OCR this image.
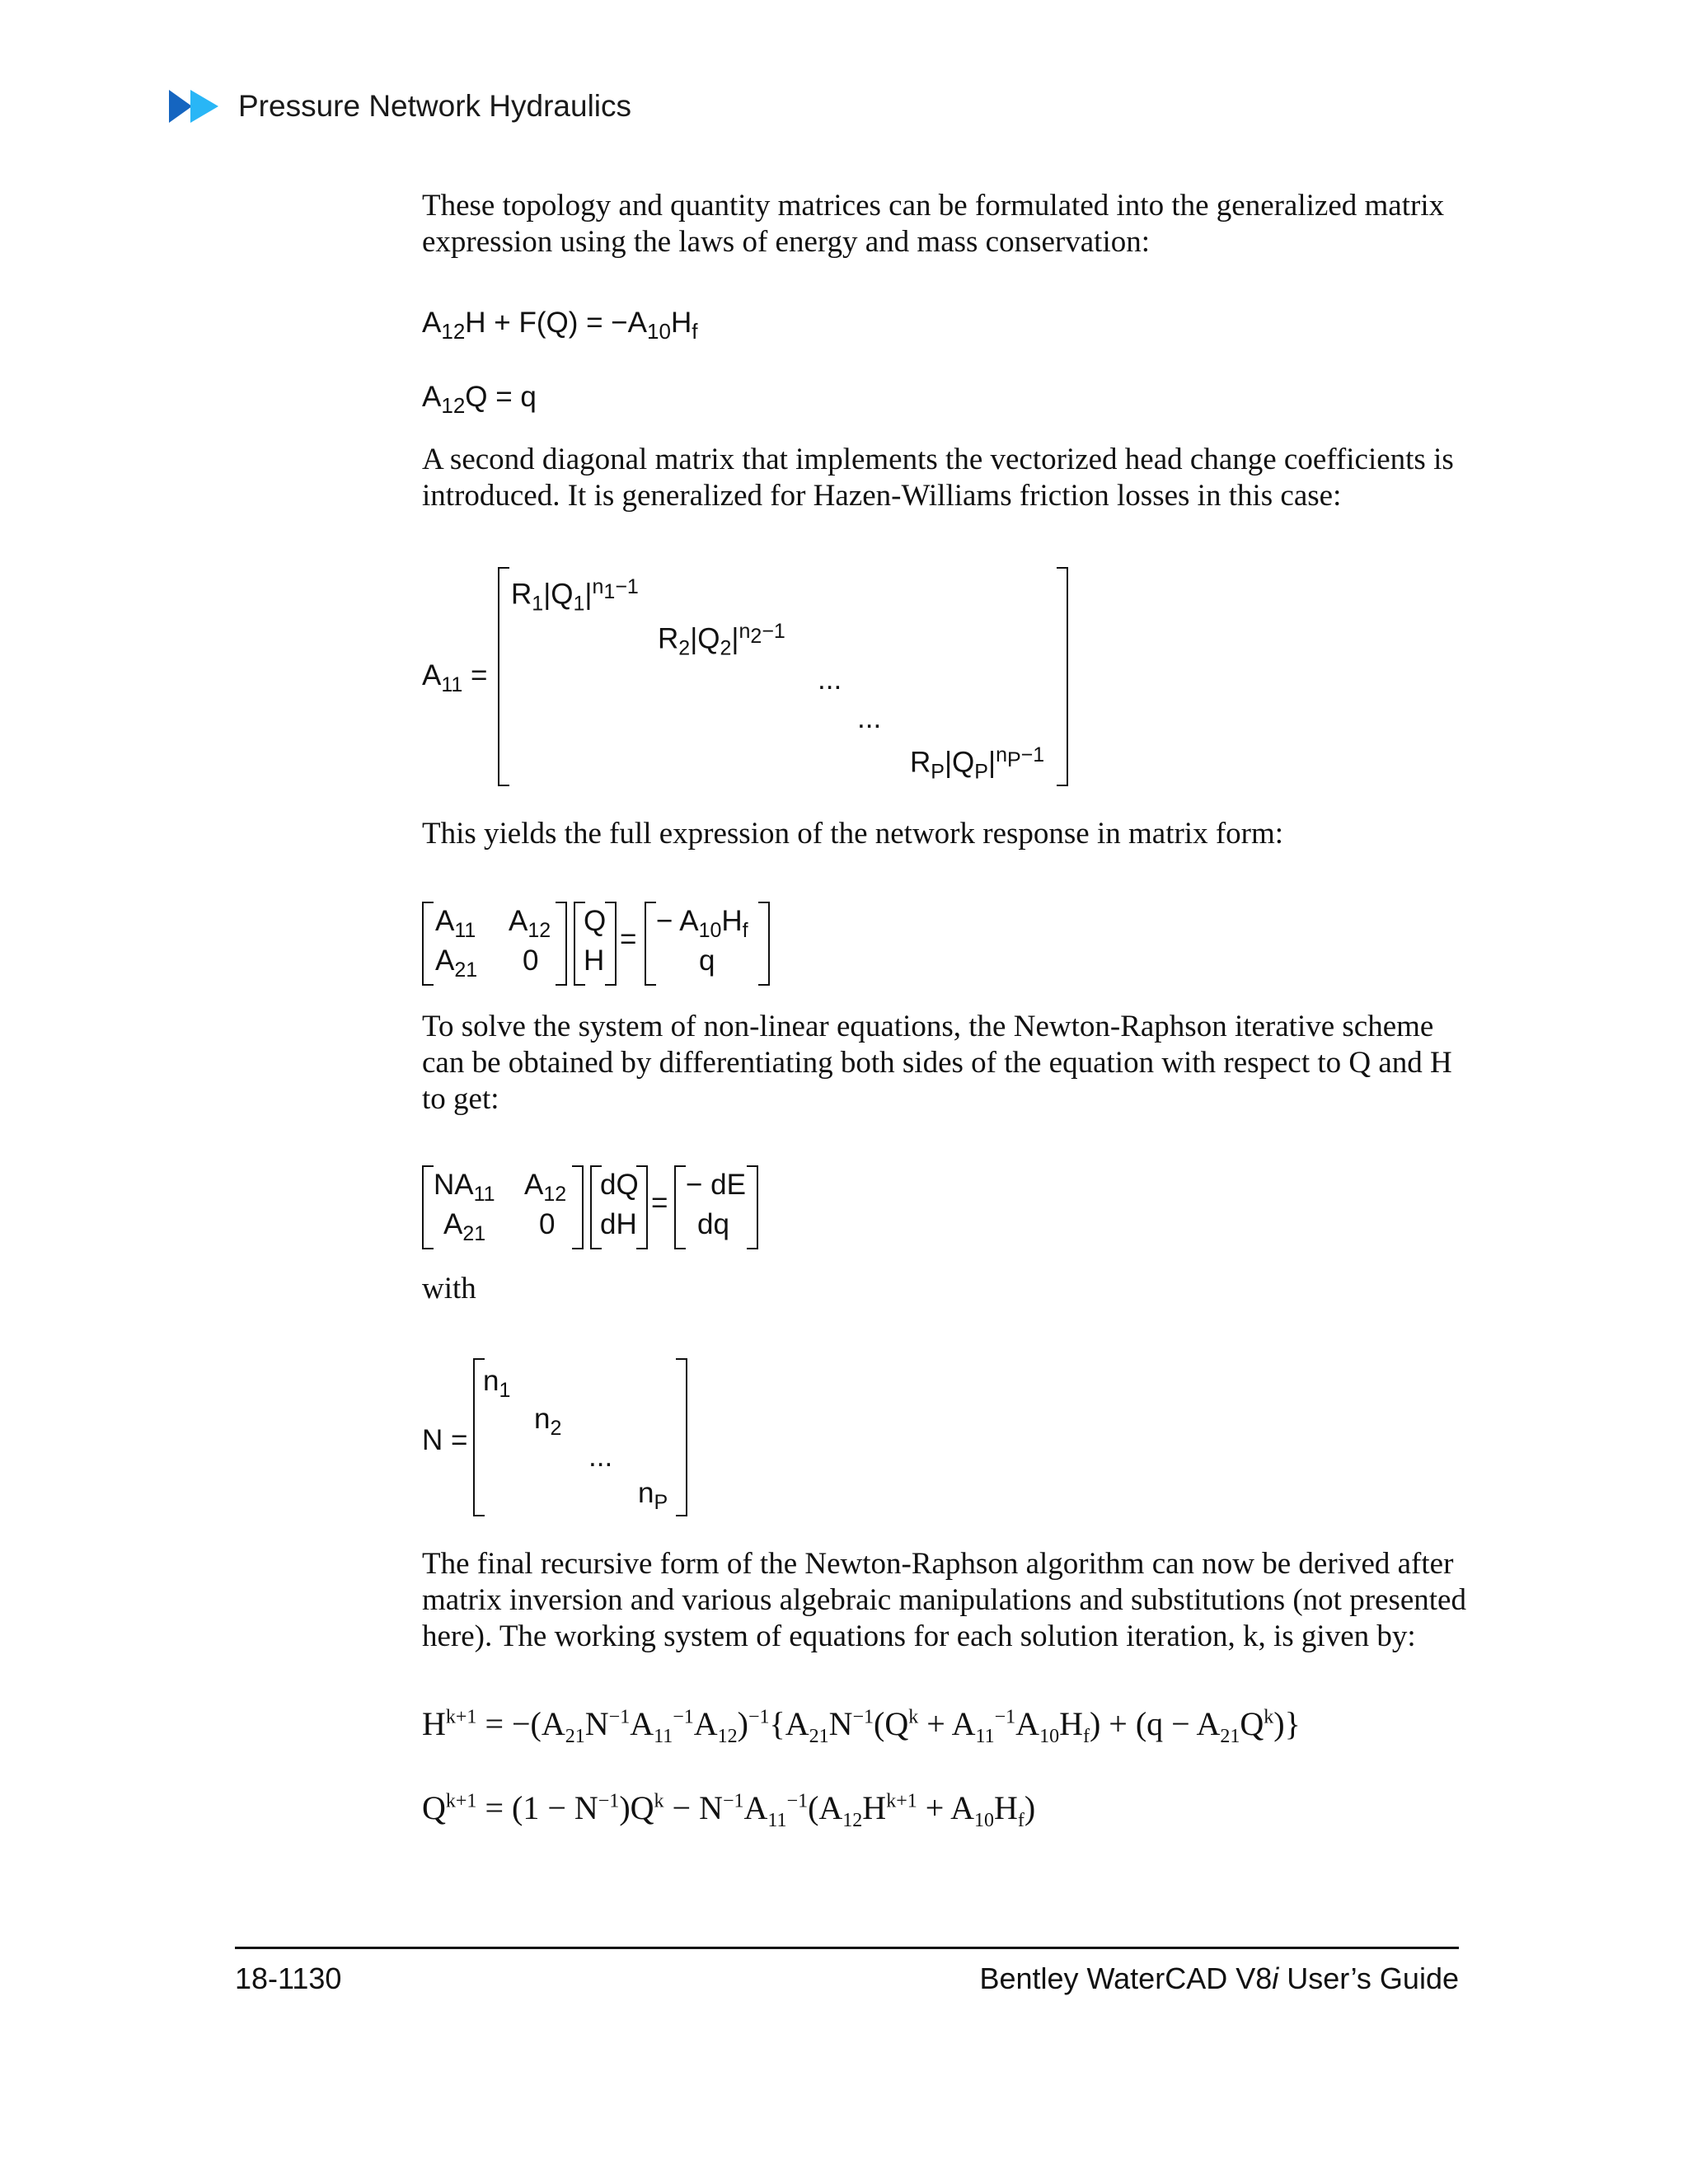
Pressure Network Hydraulics
These topology and quantity matrices can be formulated into the generalized matrix expression using the laws of energy and mass conservation:
$A_{12}H + F(Q) = -A_{10}H_f$
$A_{12}Q = q$
A second diagonal matrix that implements the vectorized head change coefficients is introduced. It is generalized for Hazen-Williams friction losses in this case:
$A_{11}$ =
$R_1|Q_1|^{n_1-1}$
$R_2|Q_2|^{n_2-1}$
...
...
$R_P|Q_P|^{n_P-1}$
This yields the full expression of the network response in matrix form:
$A_{11}$ $A_{12}$
$A_{21}$ 0
Q
H
=
− $A_{10}H_f$
q
To solve the system of non-linear equations, the Newton-Raphson iterative scheme can be obtained by differentiating both sides of the equation with respect to Q and H to get:
$NA_{11}$ $A_{12}$
$A_{21}$ 0
dQ
dH
=
− dE
dq
with
N =
$n_1$
$n_2$
...
$n_P$
The final recursive form of the Newton-Raphson algorithm can now be derived after matrix inversion and various algebraic manipulations and substitutions (not presented here). The working system of equations for each solution iteration, k, is given by:
$H^{k+1} = -(A_{21}N^{-1}A_{11}^{-1}A_{12})^{-1}\{A_{21}N^{-1}(Q^k + A_{11}^{-1}A_{10}H_f) + (q - A_{21}Q^k)\}$
$Q^{k+1} = (1 - N^{-1})Q^k - N^{-1}A_{11}^{-1}(A_{12}H^{k+1} + A_{10}H_f)$
18-1130	Bentley WaterCAD V8i User’s Guide
